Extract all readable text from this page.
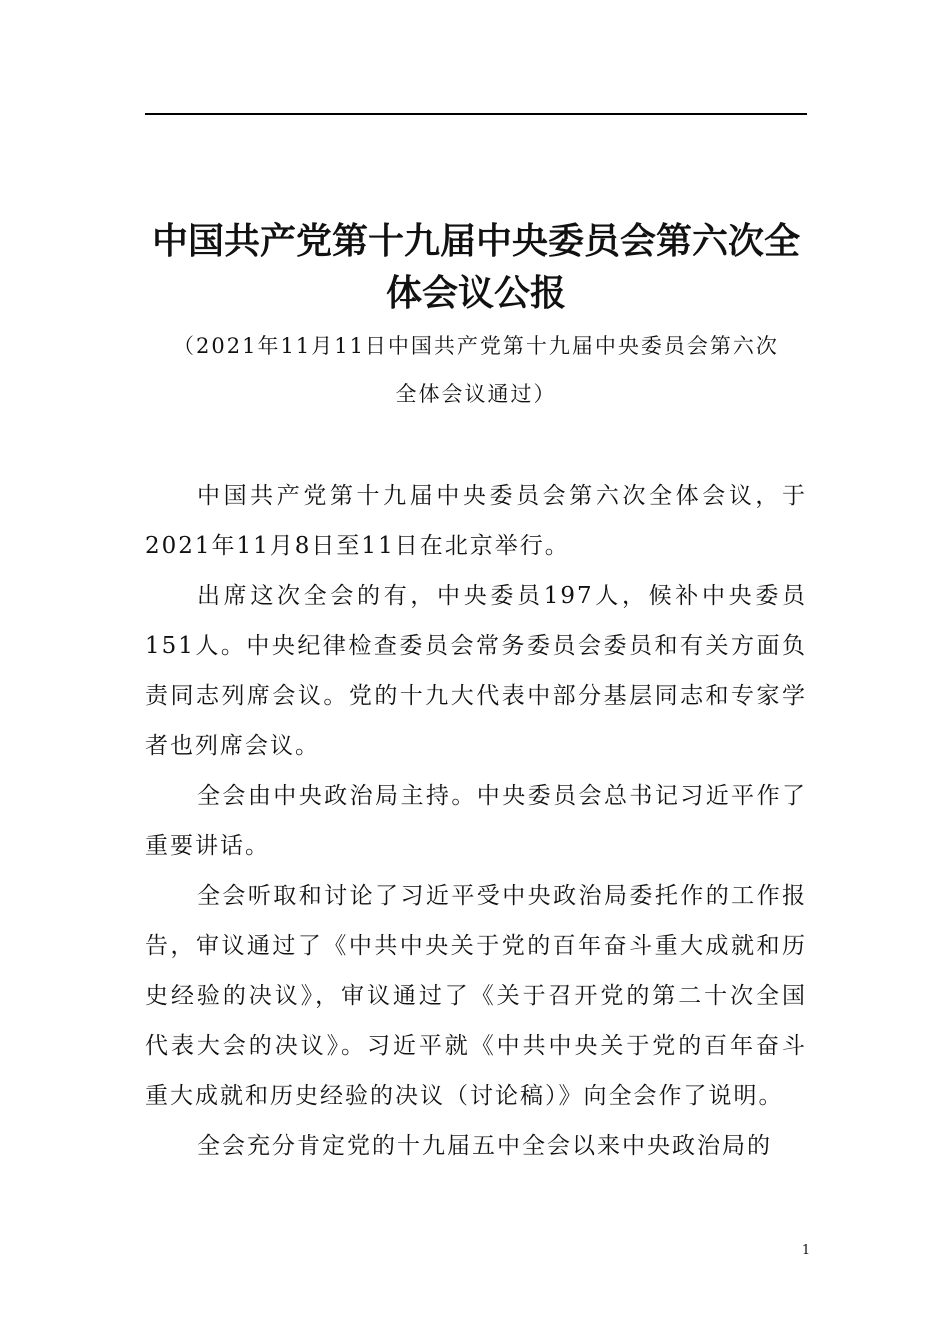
中国共产党第十九届中央委员会第六次全
体会议公报
（2021年11月11日中国共产党第十九届中央委员会第六次
全体会议通过）

中国共产党第十九届中央委员会第六次全体会议，于2021年11月8日至11日在北京举行。

出席这次全会的有，中央委员197人，候补中央委员151人。中央纪律检查委员会常务委员会委员和有关方面负责同志列席会议。党的十九大代表中部分基层同志和专家学者也列席会议。

全会由中央政治局主持。中央委员会总书记习近平作了重要讲话。

全会听取和讨论了习近平受中央政治局委托作的工作报告，审议通过了《中共中央关于党的百年奋斗重大成就和历史经验的决议》，审议通过了《关于召开党的第二十次全国代表大会的决议》。习近平就《中共中央关于党的百年奋斗重大成就和历史经验的决议（讨论稿）》向全会作了说明。

全会充分肯定党的十九届五中全会以来中央政治局的

1
